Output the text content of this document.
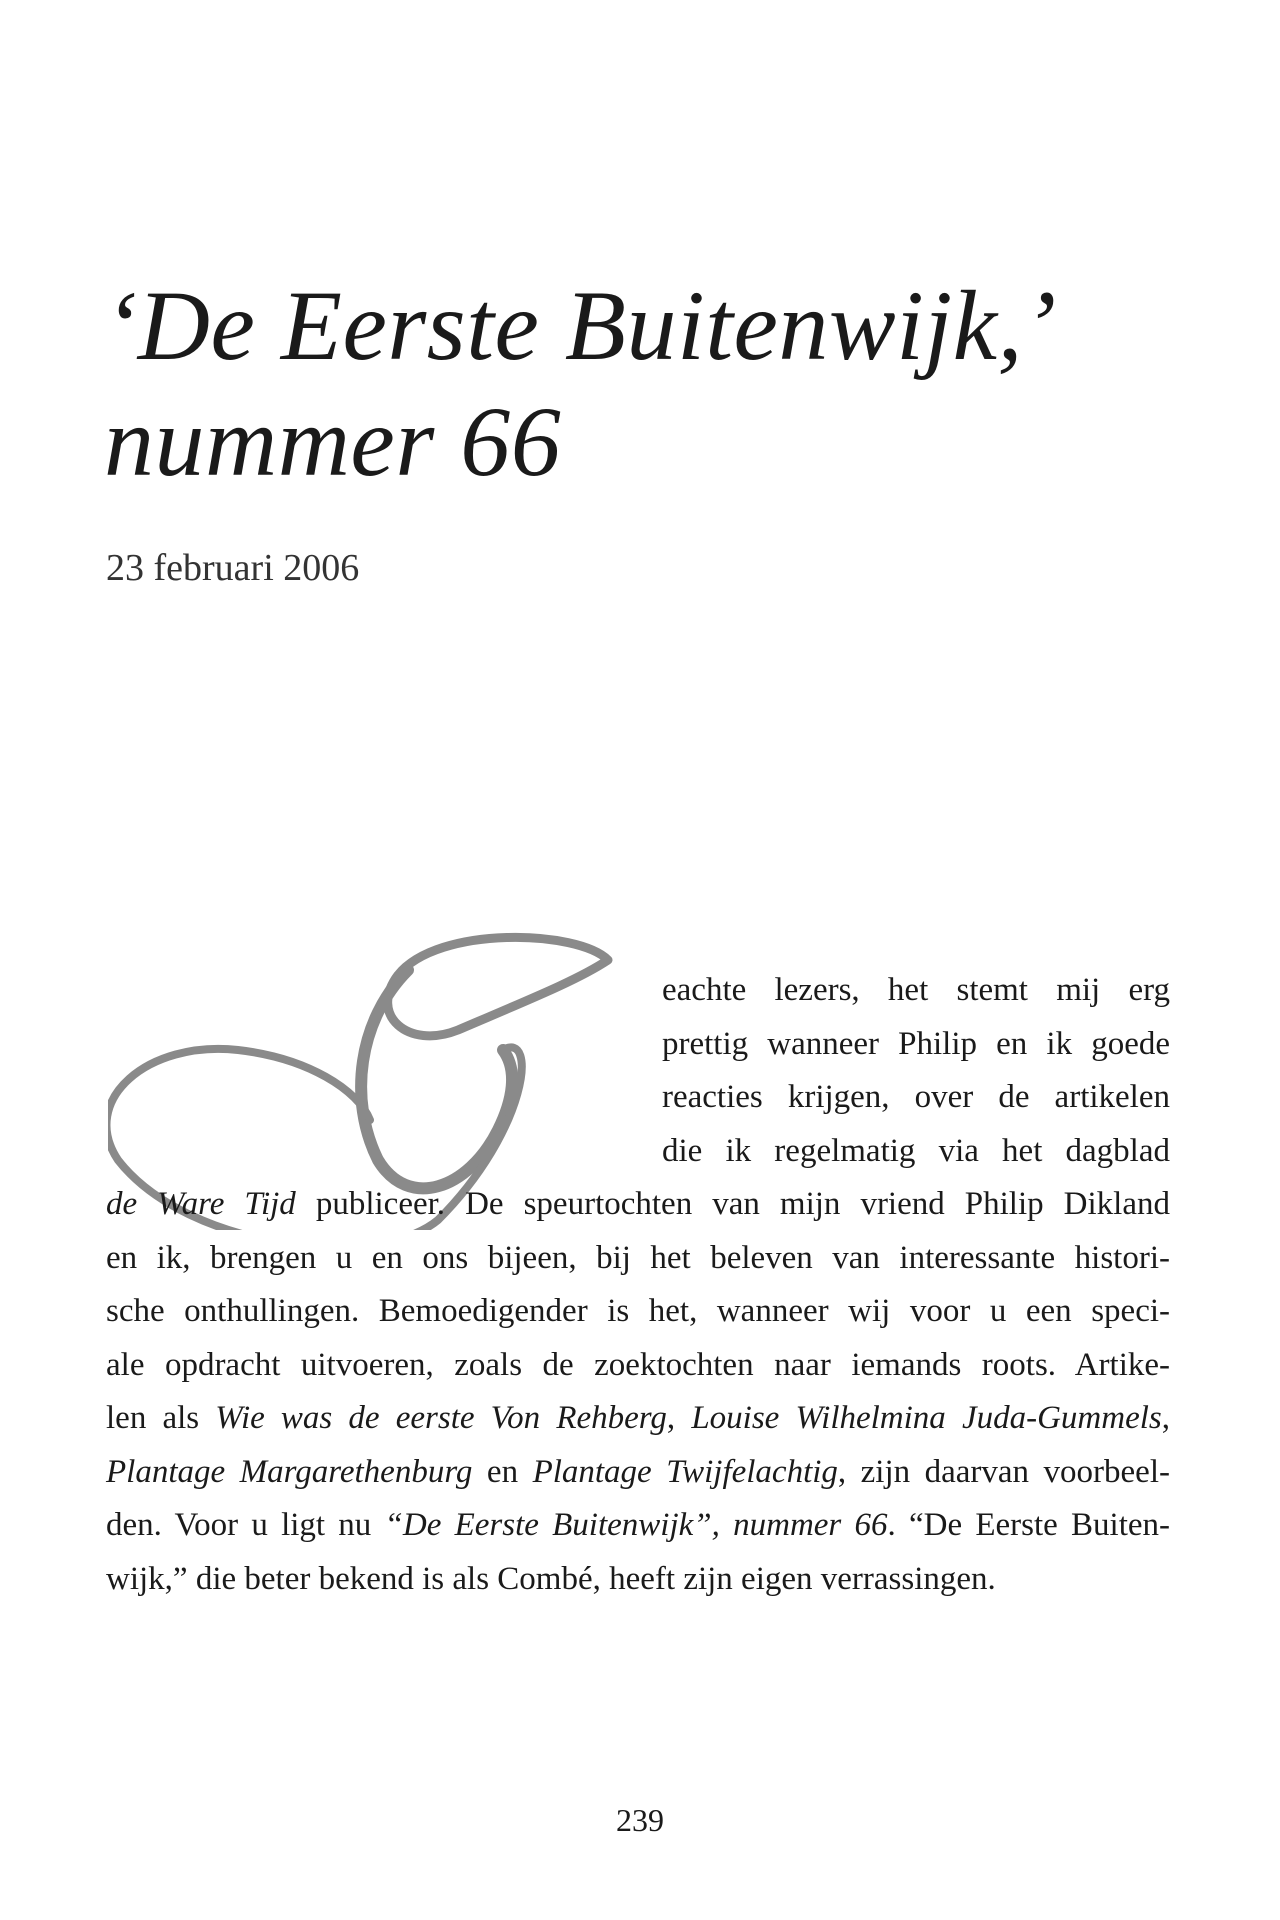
‘De Eerste Buitenwijk,’
nummer 66
23 februari 2006
G
eachte lezers, het stemt mij erg
prettig wanneer Philip en ik goede
reacties krijgen, over de artikelen
die ik regelmatig via het dagblad
de Ware Tijd publiceer. De speurtochten van mijn vriend Philip Dikland
en ik, brengen u en ons bijeen, bij het beleven van interessante histori-
sche onthullingen. Bemoedigender is het, wanneer wij voor u een speci-
ale opdracht uitvoeren, zoals de zoektochten naar iemands roots. Artike-
len als Wie was de eerste Von Rehberg, Louise Wilhelmina Juda-Gummels,
Plantage Margarethenburg en Plantage Twijfelachtig, zijn daarvan voorbeel-
den. Voor u ligt nu “De Eerste Buitenwijk”, nummer 66. “De Eerste Buiten-
wijk,” die beter bekend is als Combé, heeft zijn eigen verrassingen.
239
